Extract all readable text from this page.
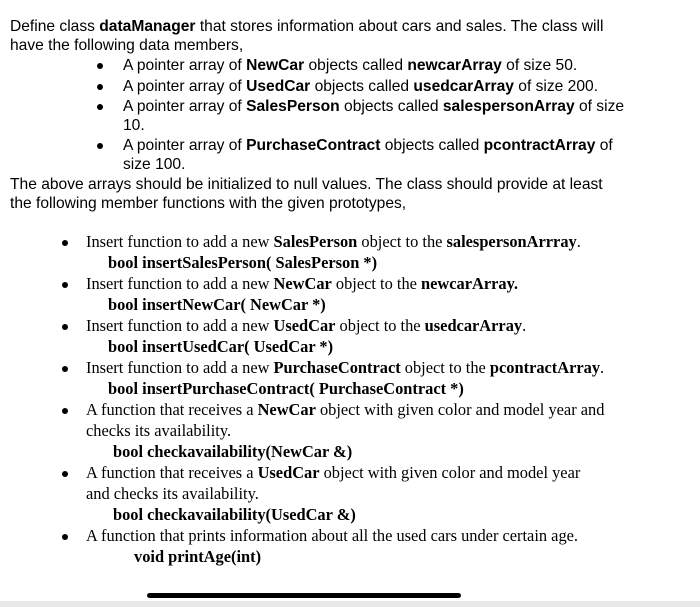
Define class dataManager that stores information about cars and sales. The class will
have the following data members,
A pointer array of NewCar objects called newcarArray of size 50.
A pointer array of UsedCar objects called usedcarArray of size 200.
A pointer array of SalesPerson objects called salespersonArray of size
10.
A pointer array of PurchaseContract objects called pcontractArray of
size 100.
The above arrays should be initialized to null values. The class should provide at least
the following member functions with the given prototypes,
Insert function to add a new SalesPerson object to the salespersonArrray.
bool insertSalesPerson( SalesPerson *)
Insert function to add a new NewCar object to the newcarArray.
bool insertNewCar( NewCar *)
Insert function to add a new UsedCar object to the usedcarArray.
bool insertUsedCar( UsedCar *)
Insert function to add a new PurchaseContract object to the pcontractArray.
bool insertPurchaseContract( PurchaseContract *)
A function that receives a NewCar object with given color and model year and
checks its availability.
bool checkavailability(NewCar &)
A function that receives a UsedCar object with given color and model year
and checks its availability.
bool checkavailability(UsedCar &)
A function that prints information about all the used cars under certain age.
void printAge(int)
